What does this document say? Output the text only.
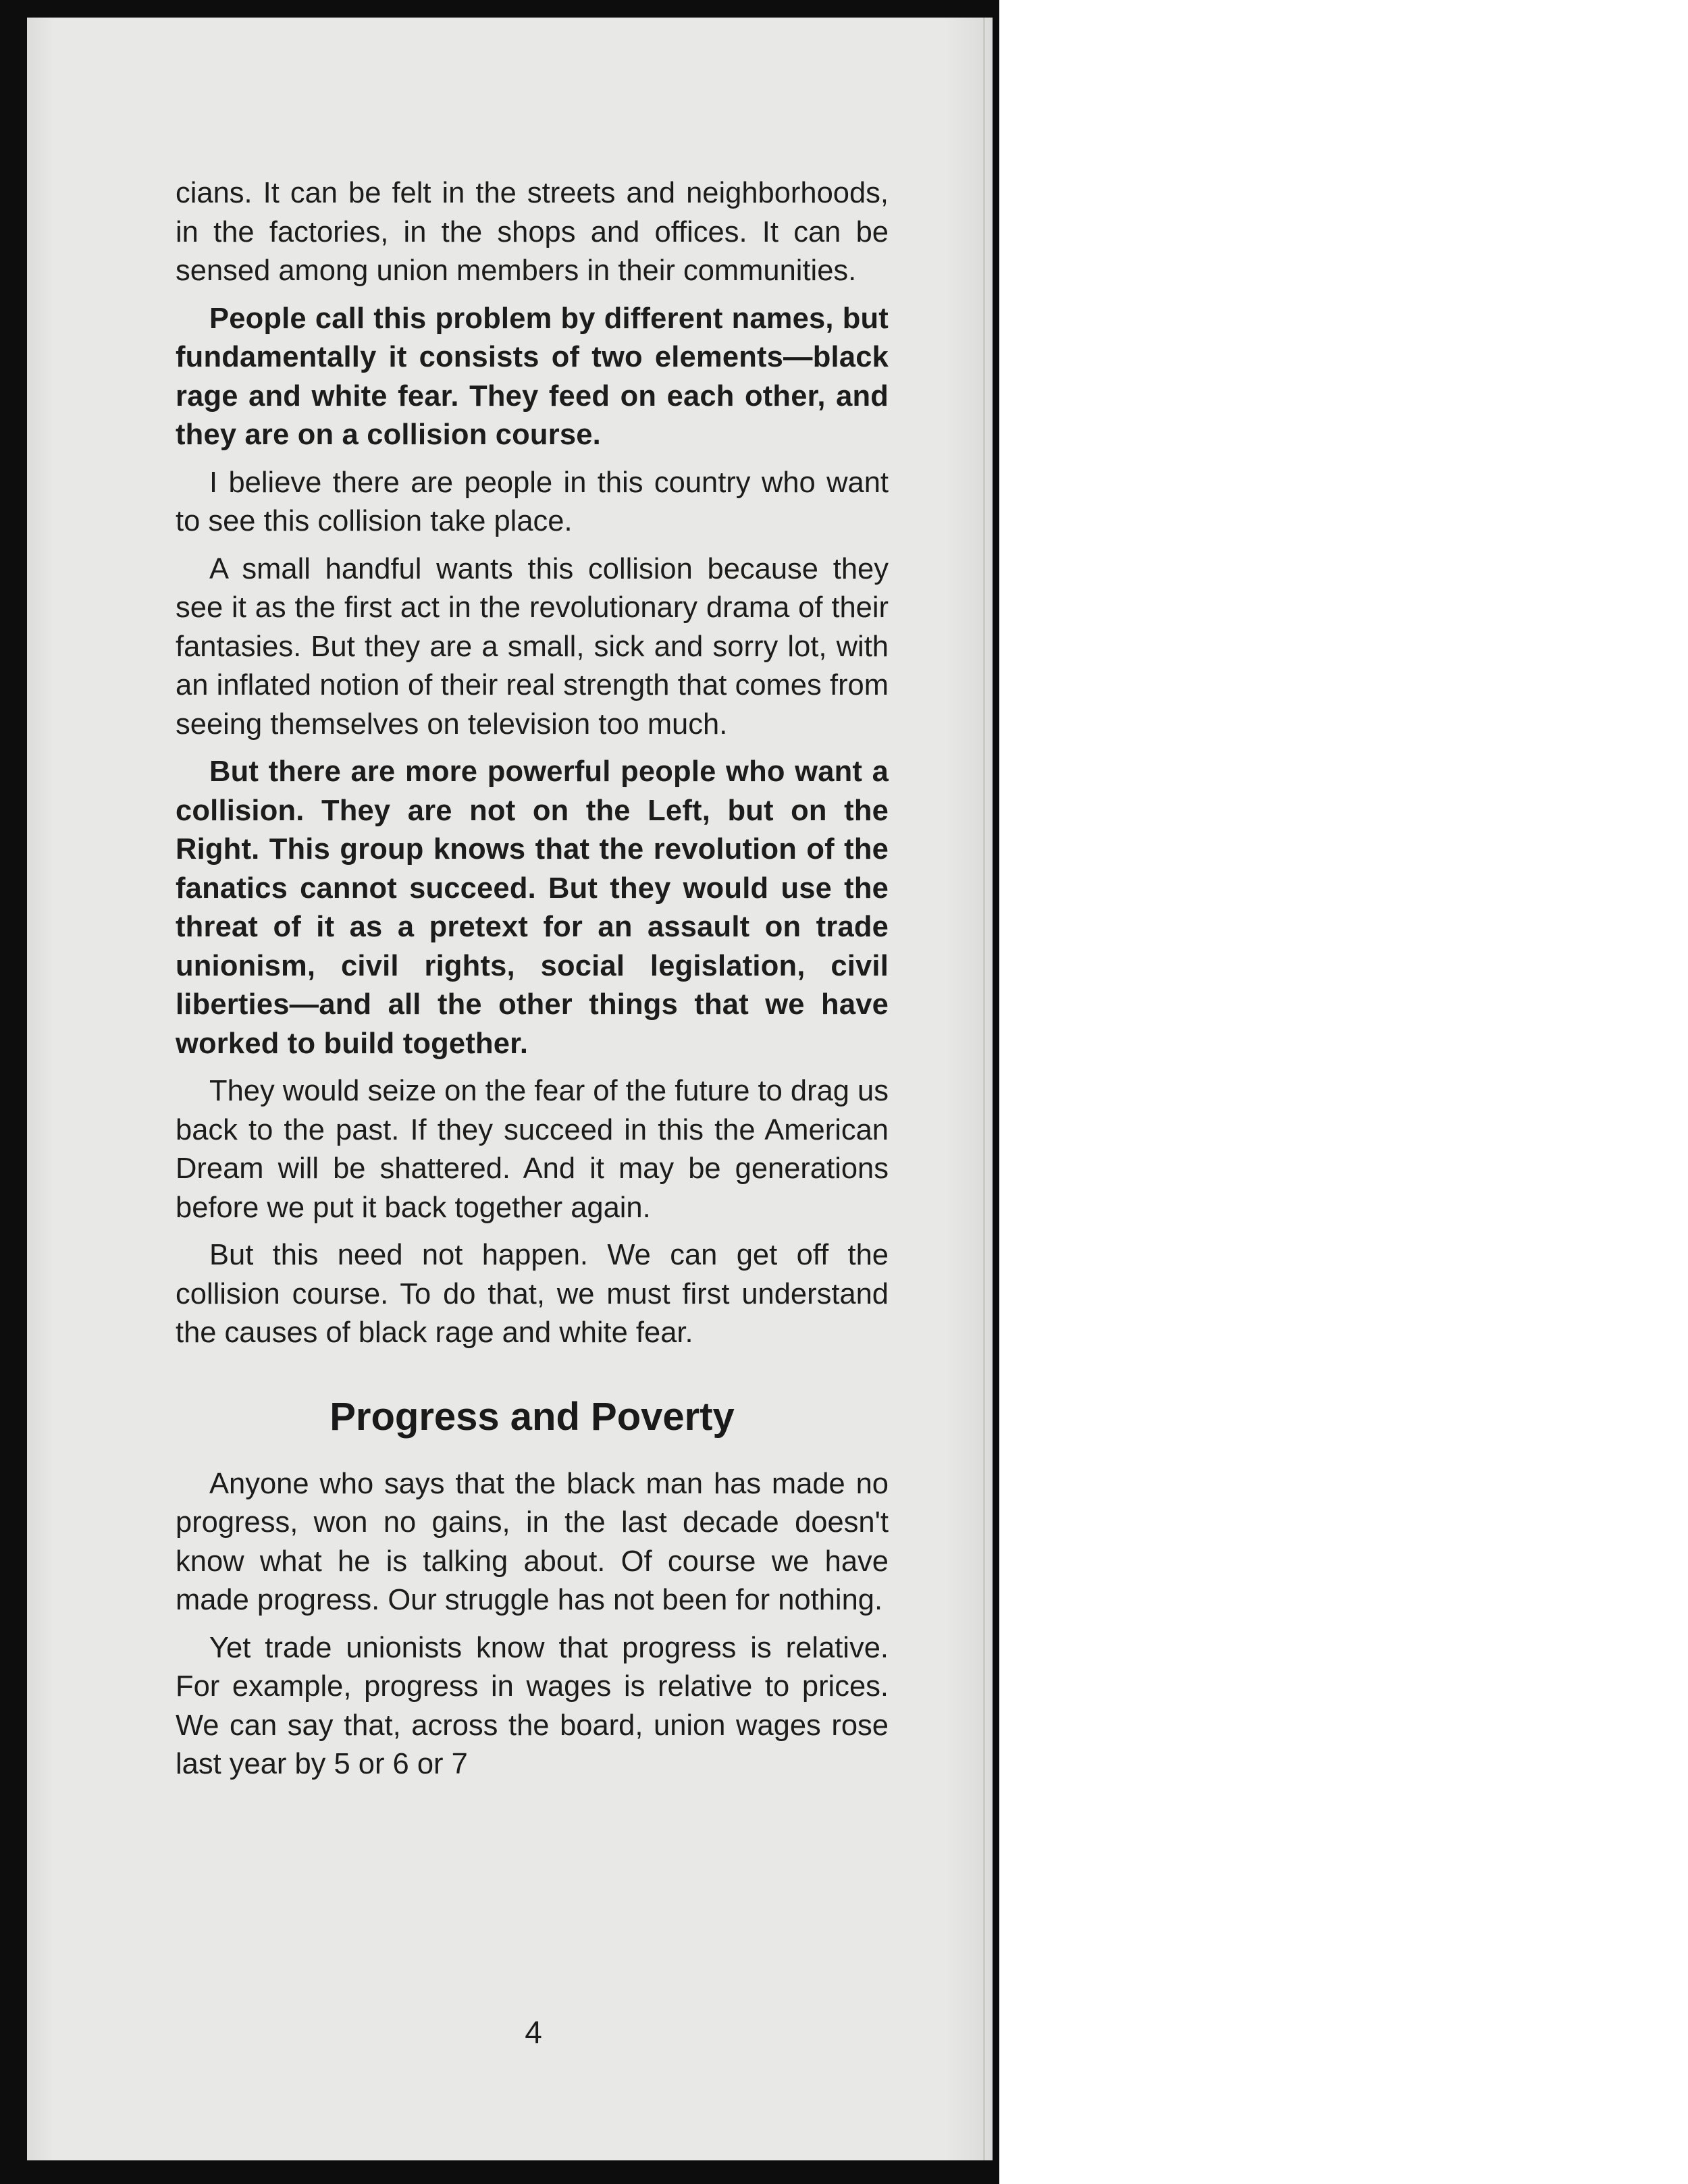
cians. It can be felt in the streets and neighborhoods, in the factories, in the shops and offices. It can be sensed among union members in their communities.

People call this problem by different names, but fundamentally it consists of two elements—black rage and white fear. They feed on each other, and they are on a collision course.

I believe there are people in this country who want to see this collision take place.

A small handful wants this collision because they see it as the first act in the revolutionary drama of their fantasies. But they are a small, sick and sorry lot, with an inflated notion of their real strength that comes from seeing themselves on television too much.

But there are more powerful people who want a collision. They are not on the Left, but on the Right. This group knows that the revolution of the fanatics cannot succeed. But they would use the threat of it as a pretext for an assault on trade unionism, civil rights, social legislation, civil liberties—and all the other things that we have worked to build together.

They would seize on the fear of the future to drag us back to the past. If they succeed in this the American Dream will be shattered. And it may be generations before we put it back together again.

But this need not happen. We can get off the collision course. To do that, we must first understand the causes of black rage and white fear.

Progress and Poverty

Anyone who says that the black man has made no progress, won no gains, in the last decade doesn't know what he is talking about. Of course we have made progress. Our struggle has not been for nothing.

Yet trade unionists know that progress is relative. For example, progress in wages is relative to prices. We can say that, across the board, union wages rose last year by 5 or 6 or 7

4
